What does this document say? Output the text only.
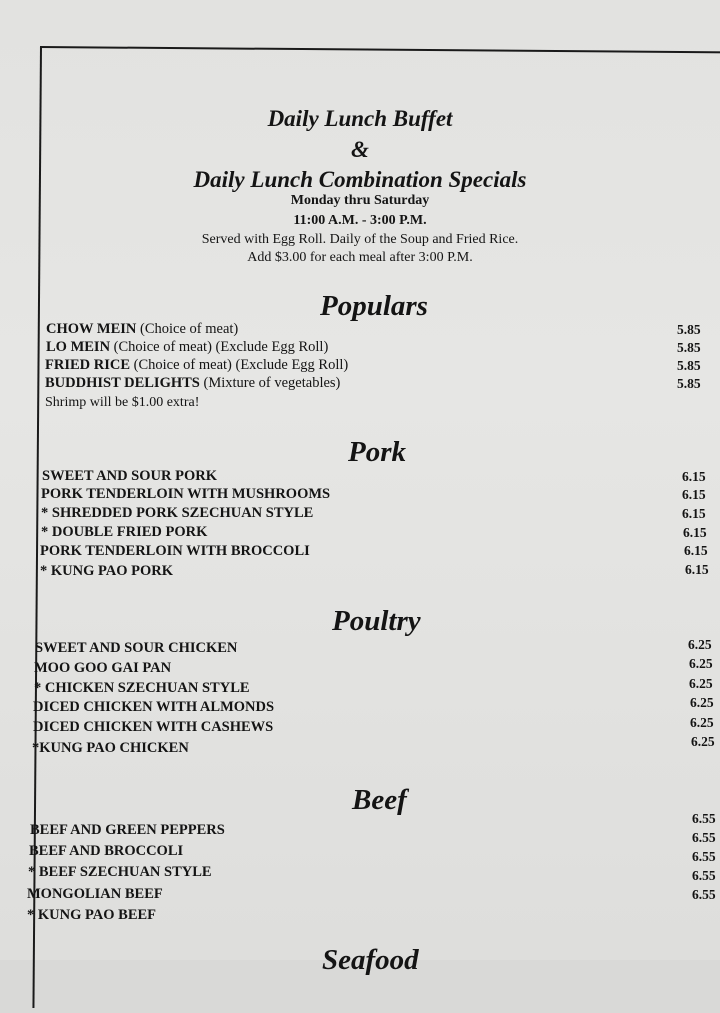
Daily Lunch Buffet
&
Daily Lunch Combination Specials
Monday thru Saturday
11:00 A.M. - 3:00 P.M.
Served with Egg Roll. Daily of the Soup and Fried Rice.
Add $3.00 for each meal after 3:00 P.M.
Populars
CHOW MEIN (Choice of meat)
LO MEIN (Choice of meat) (Exclude Egg Roll)
FRIED RICE (Choice of meat) (Exclude Egg Roll)
BUDDHIST DELIGHTS (Mixture of vegetables)
Shrimp will be $1.00 extra!
5.85
5.85
5.85
5.85
Pork
SWEET AND SOUR PORK
PORK TENDERLOIN WITH MUSHROOMS
* SHREDDED PORK SZECHUAN STYLE
* DOUBLE FRIED PORK
PORK TENDERLOIN WITH BROCCOLI
* KUNG PAO PORK
6.15
6.15
6.15
6.15
6.15
6.15
Poultry
SWEET AND SOUR CHICKEN
MOO GOO GAI PAN
* CHICKEN SZECHUAN STYLE
DICED CHICKEN WITH ALMONDS
DICED CHICKEN WITH CASHEWS
*KUNG PAO CHICKEN
6.25
6.25
6.25
6.25
6.25
6.25
Beef
BEEF AND GREEN PEPPERS
BEEF AND BROCCOLI
* BEEF SZECHUAN STYLE
MONGOLIAN BEEF
* KUNG PAO BEEF
6.55
6.55
6.55
6.55
6.55
Seafood
